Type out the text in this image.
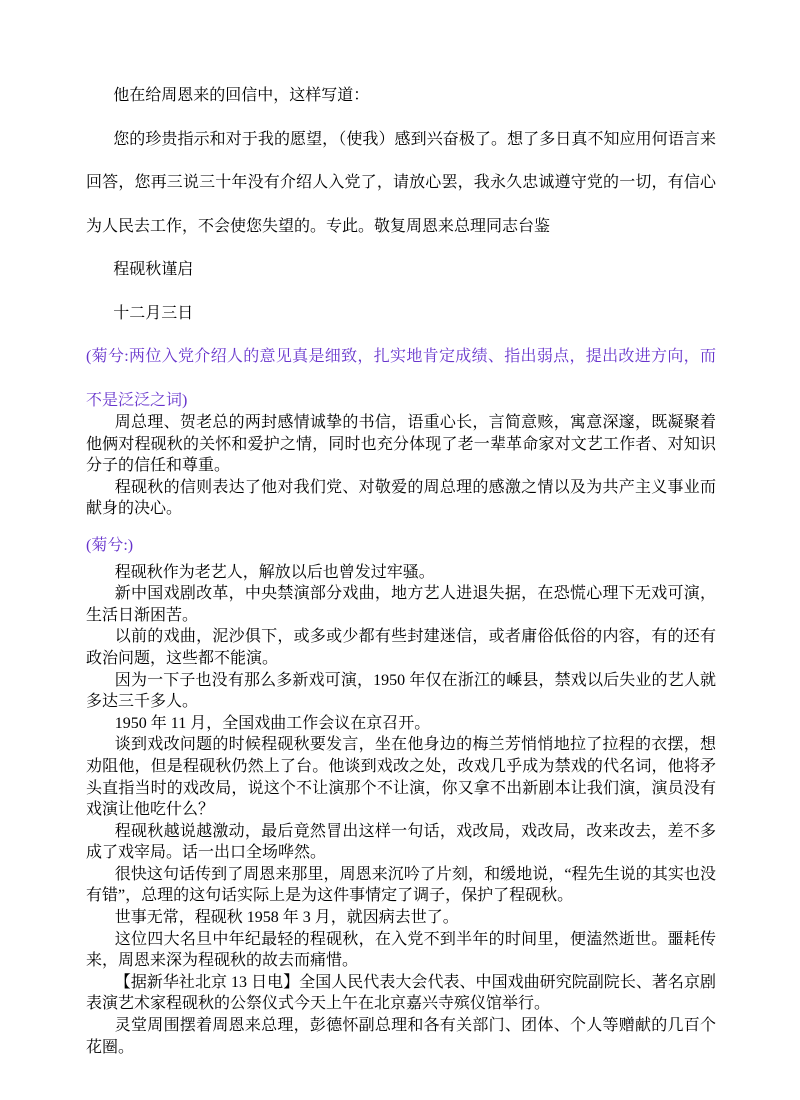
他在给周恩来的回信中，这样写道：

您的珍贵指示和对于我的愿望，（使我）感到兴奋极了。想了多日真不知应用何语言来回答，您再三说三十年没有介绍人入党了，请放心罢，我永久忠诚遵守党的一切，有信心为人民去工作，不会使您失望的。专此。敬复周恩来总理同志台鉴

程砚秋谨启

十二月三日

(菊兮:两位入党介绍人的意见真是细致，扎实地肯定成绩、指出弱点，提出改进方向，而不是泛泛之词)

周总理、贺老总的两封感情诚挚的书信，语重心长，言简意赅，寓意深邃，既凝聚着他俩对程砚秋的关怀和爱护之情，同时也充分体现了老一辈革命家对文艺工作者、对知识分子的信任和尊重。

程砚秋的信则表达了他对我们党、对敬爱的周总理的感激之情以及为共产主义事业而献身的决心。

(菊兮:)

程砚秋作为老艺人，解放以后也曾发过牢骚。

新中国戏剧改革，中央禁演部分戏曲，地方艺人进退失据，在恐慌心理下无戏可演，生活日渐困苦。

以前的戏曲，泥沙俱下，或多或少都有些封建迷信，或者庸俗低俗的内容，有的还有政治问题，这些都不能演。

因为一下子也没有那么多新戏可演，1950 年仅在浙江的嵊县，禁戏以后失业的艺人就多达三千多人。

1950 年 11 月，全国戏曲工作会议在京召开。

谈到戏改问题的时候程砚秋要发言，坐在他身边的梅兰芳悄悄地拉了拉程的衣摆，想劝阻他，但是程砚秋仍然上了台。他谈到戏改之处，改戏几乎成为禁戏的代名词，他将矛头直指当时的戏改局，说这个不让演那个不让演，你又拿不出新剧本让我们演，演员没有戏演让他吃什么？

程砚秋越说越激动，最后竟然冒出这样一句话，戏改局，戏改局，改来改去，差不多成了戏宰局。话一出口全场哗然。

很快这句话传到了周恩来那里，周恩来沉吟了片刻，和缓地说，“程先生说的其实也没有错”，总理的这句话实际上是为这件事情定了调子，保护了程砚秋。

世事无常，程砚秋 1958 年 3 月，就因病去世了。

这位四大名旦中年纪最轻的程砚秋，在入党不到半年的时间里，便溘然逝世。噩耗传来，周恩来深为程砚秋的故去而痛惜。

【据新华社北京 13 日电】全国人民代表大会代表、中国戏曲研究院副院长、著名京剧表演艺术家程砚秋的公祭仪式今天上午在北京嘉兴寺殡仪馆举行。

灵堂周围摆着周恩来总理，彭德怀副总理和各有关部门、团体、个人等赠献的几百个花圈。
